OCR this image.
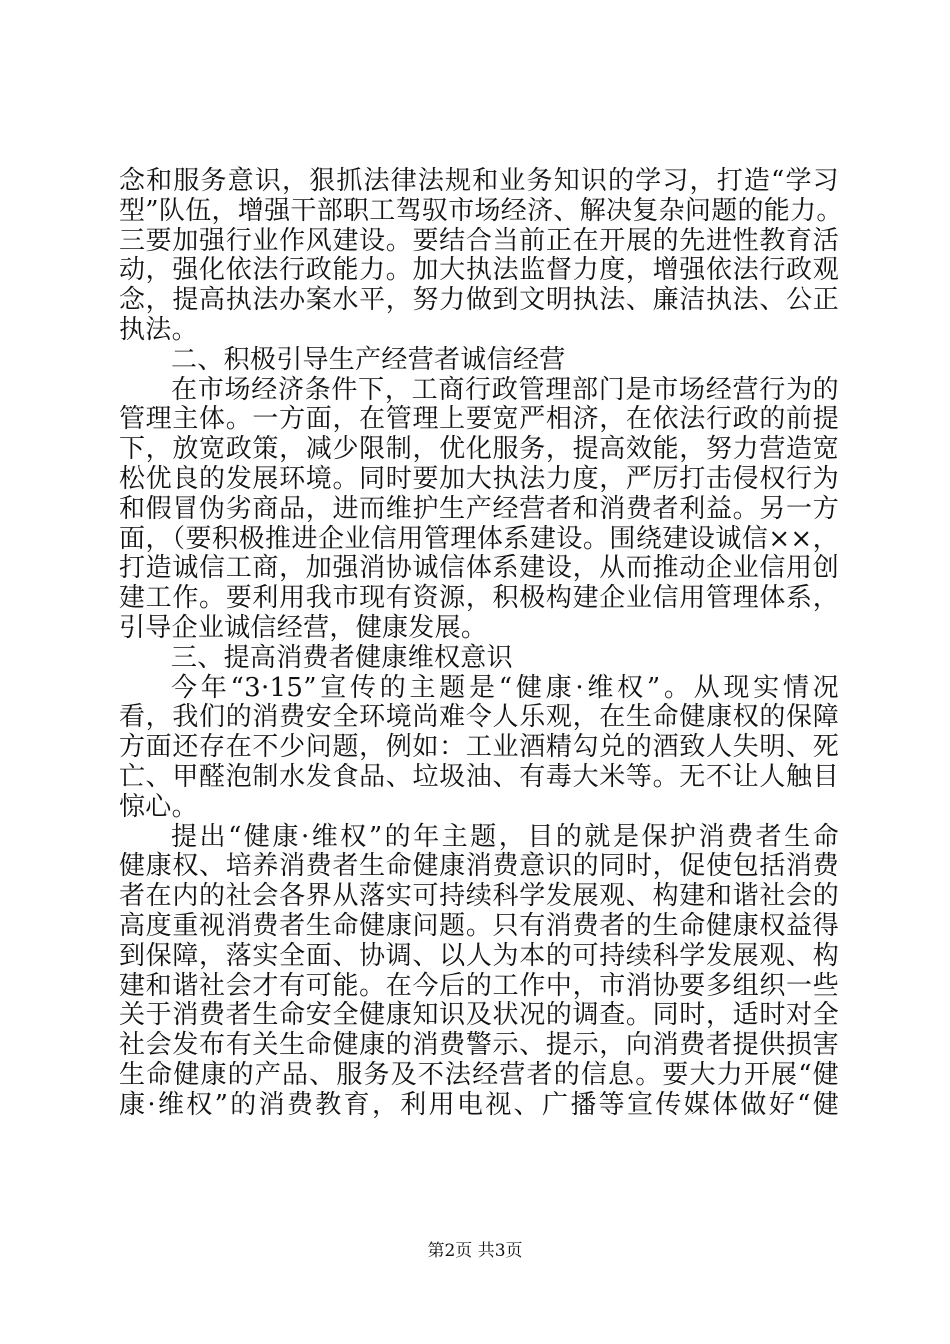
念和服务意识，狠抓法律法规和业务知识的学习，打造“学习
型”队伍，增强干部职工驾驭市场经济、解决复杂问题的能力。
三要加强行业作风建设。要结合当前正在开展的先进性教育活
动，强化依法行政能力。加大执法监督力度，增强依法行政观
念，提高执法办案水平，努力做到文明执法、廉洁执法、公正
执法。
二、积极引导生产经营者诚信经营
在市场经济条件下，工商行政管理部门是市场经营行为的
管理主体。一方面，在管理上要宽严相济，在依法行政的前提
下，放宽政策，减少限制，优化服务，提高效能，努力营造宽
松优良的发展环境。同时要加大执法力度，严厉打击侵权行为
和假冒伪劣商品，进而维护生产经营者和消费者利益。另一方
面，（要积极推进企业信用管理体系建设。围绕建设诚信××，
打造诚信工商，加强消协诚信体系建设，从而推动企业信用创
建工作。要利用我市现有资源，积极构建企业信用管理体系，
引导企业诚信经营，健康发展。
三、提高消费者健康维权意识
今年“3·15”宣传的主题是“健康·维权”。从现实情况
看，我们的消费安全环境尚难令人乐观，在生命健康权的保障
方面还存在不少问题，例如：工业酒精勾兑的酒致人失明、死
亡、甲醛泡制水发食品、垃圾油、有毒大米等。无不让人触目
惊心。
提出“健康·维权”的年主题，目的就是保护消费者生命
健康权、培养消费者生命健康消费意识的同时，促使包括消费
者在内的社会各界从落实可持续科学发展观、构建和谐社会的
高度重视消费者生命健康问题。只有消费者的生命健康权益得
到保障，落实全面、协调、以人为本的可持续科学发展观、构
建和谐社会才有可能。在今后的工作中，市消协要多组织一些
关于消费者生命安全健康知识及状况的调查。同时，适时对全
社会发布有关生命健康的消费警示、提示，向消费者提供损害
生命健康的产品、服务及不法经营者的信息。要大力开展“健
康·维权”的消费教育，利用电视、广播等宣传媒体做好“健
第2页 共3页
